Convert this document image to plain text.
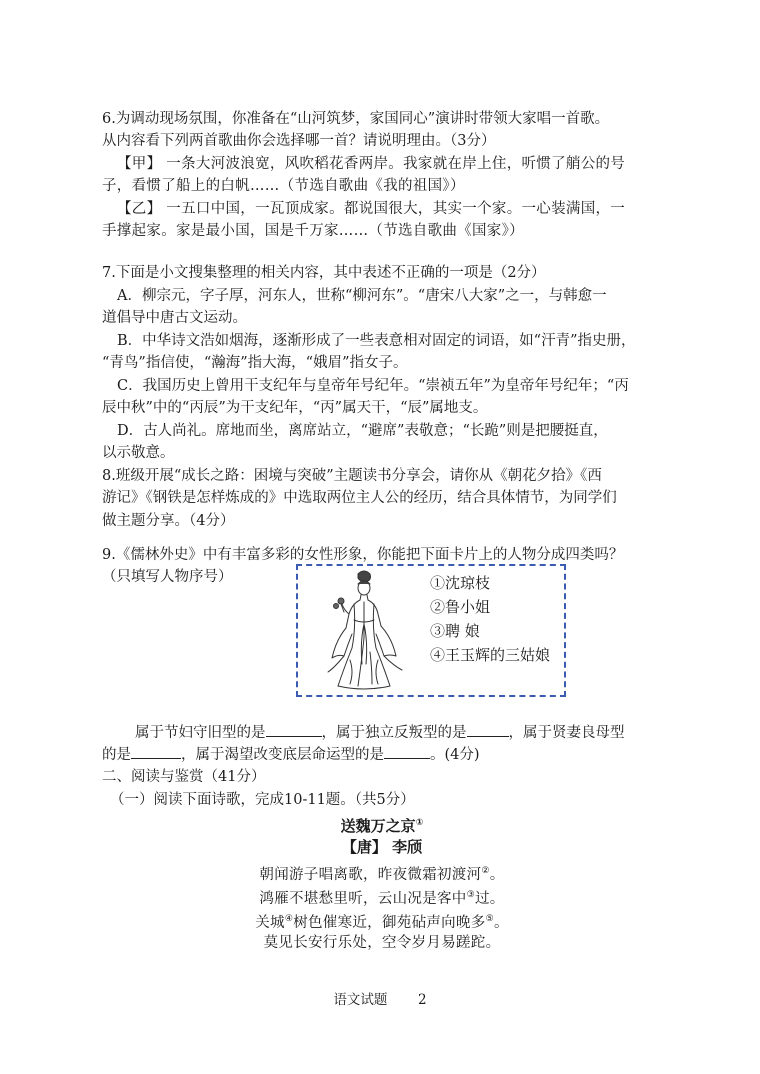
6.为调动现场氛围，你准备在“山河筑梦，家国同心”演讲时带领大家唱一首歌。
从内容看下列两首歌曲你会选择哪一首？请说明理由。（3分）
【甲】 一条大河波浪宽，风吹稻花香两岸。我家就在岸上住，听惯了艄公的号
子，看惯了船上的白帆……（节选自歌曲《我的祖国》）
【乙】 一五口中国，一瓦顶成家。都说国很大，其实一个家。一心装满国，一
手撑起家。家是最小国，国是千万家……（节选自歌曲《国家》）
7.下面是小文搜集整理的相关内容，其中表述不正确的一项是（2分）
A．柳宗元，字子厚，河东人，世称“柳河东”。“唐宋八大家”之一，与韩愈一
道倡导中唐古文运动。
B．中华诗文浩如烟海，逐渐形成了一些表意相对固定的词语，如“汗青”指史册，
“青鸟”指信使，“瀚海”指大海，“娥眉”指女子。
C．我国历史上曾用干支纪年与皇帝年号纪年。“崇祯五年”为皇帝年号纪年；“丙
辰中秋”中的“丙辰”为干支纪年，“丙”属天干，“辰”属地支。
D．古人尚礼。席地而坐，离席站立，“避席”表敬意；“长跪”则是把腰挺直，
以示敬意。
8.班级开展“成长之路：困境与突破”主题读书分享会，请你从《朝花夕拾》《西
游记》《钢铁是怎样炼成的》中选取两位主人公的经历，结合具体情节，为同学们
做主题分享。（4分）
9.《儒林外史》中有丰富多彩的女性形象，你能把下面卡片上的人物分成四类吗？
（只填写人物序号）	①沈琼枝
②鲁小姐
③聘 娘
④王玉辉的三姑娘
属于节妇守旧型的是	，属于独立反叛型的是	，属于贤妻良母型
的是	，属于渴望改变底层命运型的是	。(4分)
二、阅读与鉴赏（41分）
（一）阅读下面诗歌，完成10-11题。（共5分）
送魏万之京①
【唐】 李颀
朝闻游子唱离歌，昨夜微霜初渡河②。
鸿雁不堪愁里听，云山况是客中③过。
关城④树色催寒近，御苑砧声向晚多⑤。
莫见长安行乐处，空令岁月易蹉跎。
语文试题 2
